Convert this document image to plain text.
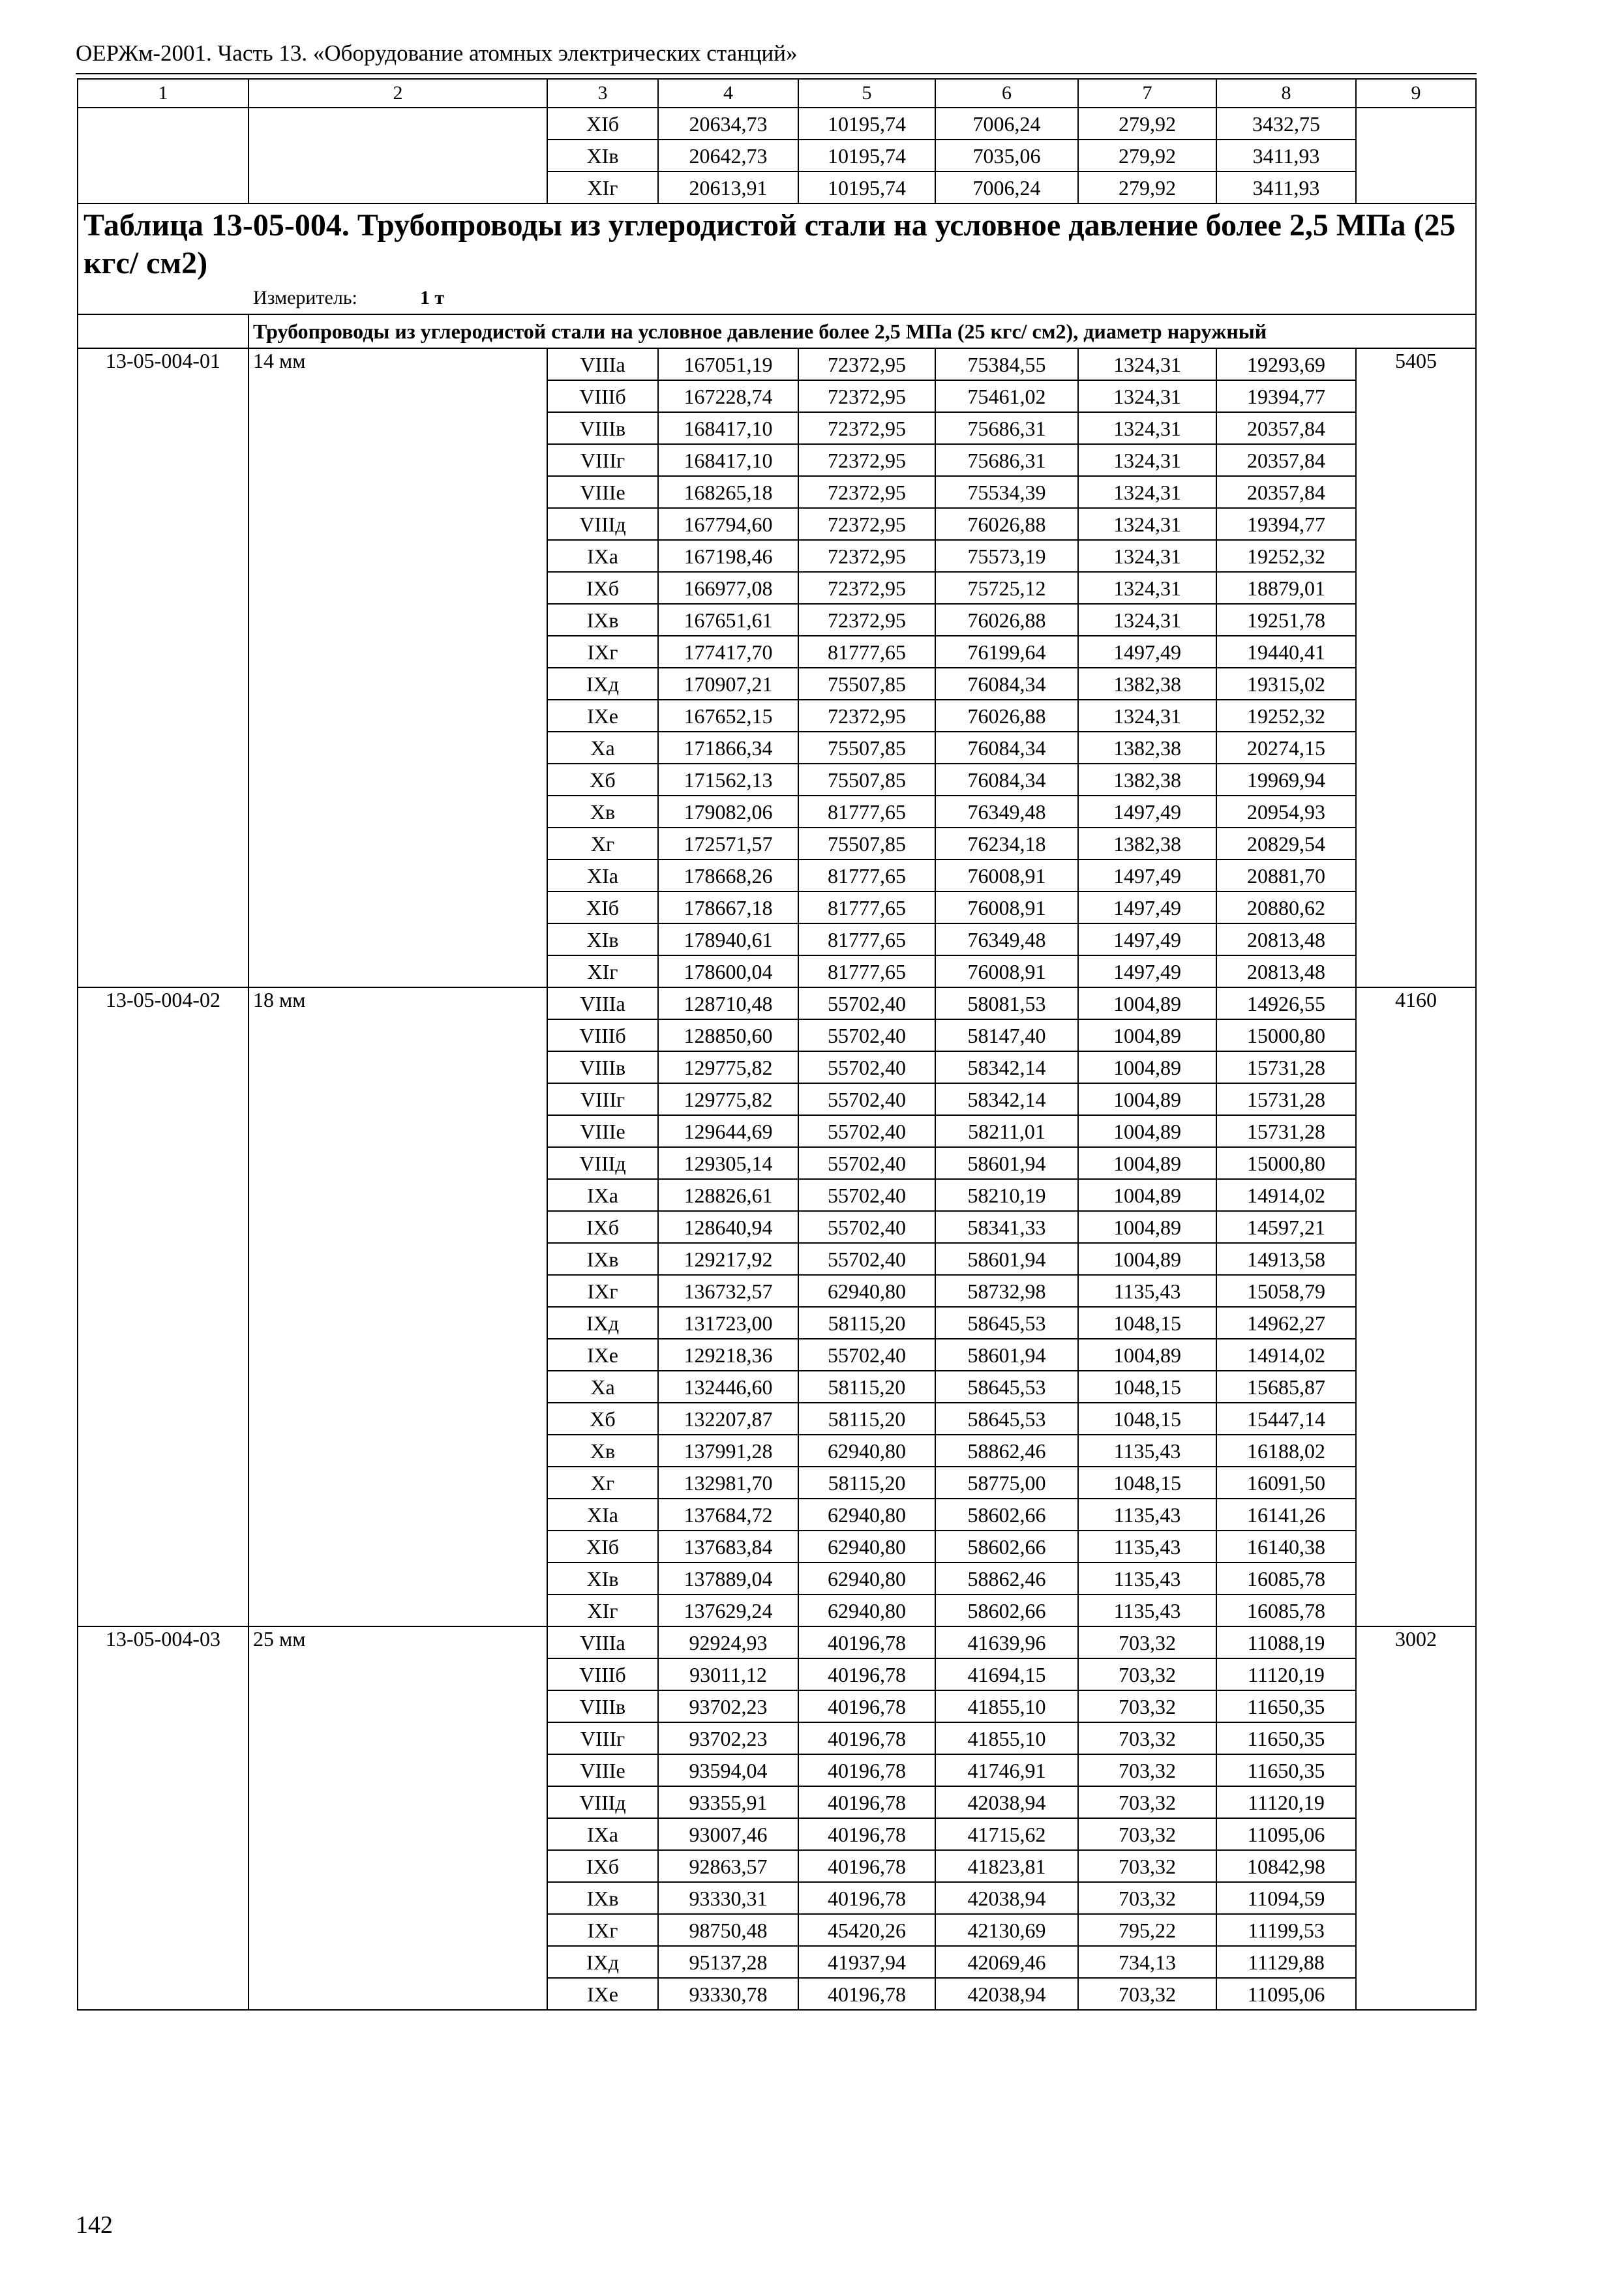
ОЕРЖм-2001. Часть 13. «Оборудование атомных электрических станций»
1	2	3	4	5	6	7	8	9
		XIб	20634,73	10195,74	7006,24	279,92	3432,75	
		XIв	20642,73	10195,74	7035,06	279,92	3411,93	
		XIг	20613,91	10195,74	7006,24	279,92	3411,93	

Таблица 13-05-004. Трубопроводы из углеродистой стали на условное давление более 2,5 МПа (25 кгс/ см2)
Измеритель: 1 т								

	Трубопроводы из углеродистой стали на условное давление более 2,5 МПа (25 кгс/ см2), диаметр наружный							
13-05-004-01	14 мм	VIIIа	167051,19	72372,95	75384,55	1324,31	19293,69	5405
		VIIIб	167228,74	72372,95	75461,02	1324,31	19394,77	
		VIIIв	168417,10	72372,95	75686,31	1324,31	20357,84	
		VIIIг	168417,10	72372,95	75686,31	1324,31	20357,84	
		VIIIе	168265,18	72372,95	75534,39	1324,31	20357,84	
		VIIIд	167794,60	72372,95	76026,88	1324,31	19394,77	
		IXа	167198,46	72372,95	75573,19	1324,31	19252,32	
		IXб	166977,08	72372,95	75725,12	1324,31	18879,01	
		IXв	167651,61	72372,95	76026,88	1324,31	19251,78	
		IXг	177417,70	81777,65	76199,64	1497,49	19440,41	
		IXд	170907,21	75507,85	76084,34	1382,38	19315,02	
		IXе	167652,15	72372,95	76026,88	1324,31	19252,32	
		Xа	171866,34	75507,85	76084,34	1382,38	20274,15	
		Xб	171562,13	75507,85	76084,34	1382,38	19969,94	
		Xв	179082,06	81777,65	76349,48	1497,49	20954,93	
		Xг	172571,57	75507,85	76234,18	1382,38	20829,54	
		XIа	178668,26	81777,65	76008,91	1497,49	20881,70	
		XIб	178667,18	81777,65	76008,91	1497,49	20880,62	
		XIв	178940,61	81777,65	76349,48	1497,49	20813,48	
		XIг	178600,04	81777,65	76008,91	1497,49	20813,48	
13-05-004-02	18 мм	VIIIа	128710,48	55702,40	58081,53	1004,89	14926,55	4160
		VIIIб	128850,60	55702,40	58147,40	1004,89	15000,80	
		VIIIв	129775,82	55702,40	58342,14	1004,89	15731,28	
		VIIIг	129775,82	55702,40	58342,14	1004,89	15731,28	
		VIIIе	129644,69	55702,40	58211,01	1004,89	15731,28	
		VIIIд	129305,14	55702,40	58601,94	1004,89	15000,80	
		IXа	128826,61	55702,40	58210,19	1004,89	14914,02	
		IXб	128640,94	55702,40	58341,33	1004,89	14597,21	
		IXв	129217,92	55702,40	58601,94	1004,89	14913,58	
		IXг	136732,57	62940,80	58732,98	1135,43	15058,79	
		IXд	131723,00	58115,20	58645,53	1048,15	14962,27	
		IXе	129218,36	55702,40	58601,94	1004,89	14914,02	
		Xа	132446,60	58115,20	58645,53	1048,15	15685,87	
		Xб	132207,87	58115,20	58645,53	1048,15	15447,14	
		Xв	137991,28	62940,80	58862,46	1135,43	16188,02	
		Xг	132981,70	58115,20	58775,00	1048,15	16091,50	
		XIа	137684,72	62940,80	58602,66	1135,43	16141,26	
		XIб	137683,84	62940,80	58602,66	1135,43	16140,38	
		XIв	137889,04	62940,80	58862,46	1135,43	16085,78	
		XIг	137629,24	62940,80	58602,66	1135,43	16085,78	
13-05-004-03	25 мм	VIIIа	92924,93	40196,78	41639,96	703,32	11088,19	3002
		VIIIб	93011,12	40196,78	41694,15	703,32	11120,19	
		VIIIв	93702,23	40196,78	41855,10	703,32	11650,35	
		VIIIг	93702,23	40196,78	41855,10	703,32	11650,35	
		VIIIе	93594,04	40196,78	41746,91	703,32	11650,35	
		VIIIд	93355,91	40196,78	42038,94	703,32	11120,19	
		IXа	93007,46	40196,78	41715,62	703,32	11095,06	
		IXб	92863,57	40196,78	41823,81	703,32	10842,98	
		IXв	93330,31	40196,78	42038,94	703,32	11094,59	
		IXг	98750,48	45420,26	42130,69	795,22	11199,53	
		IXд	95137,28	41937,94	42069,46	734,13	11129,88	
		IXе	93330,78	40196,78	42038,94	703,32	11095,06	
142
